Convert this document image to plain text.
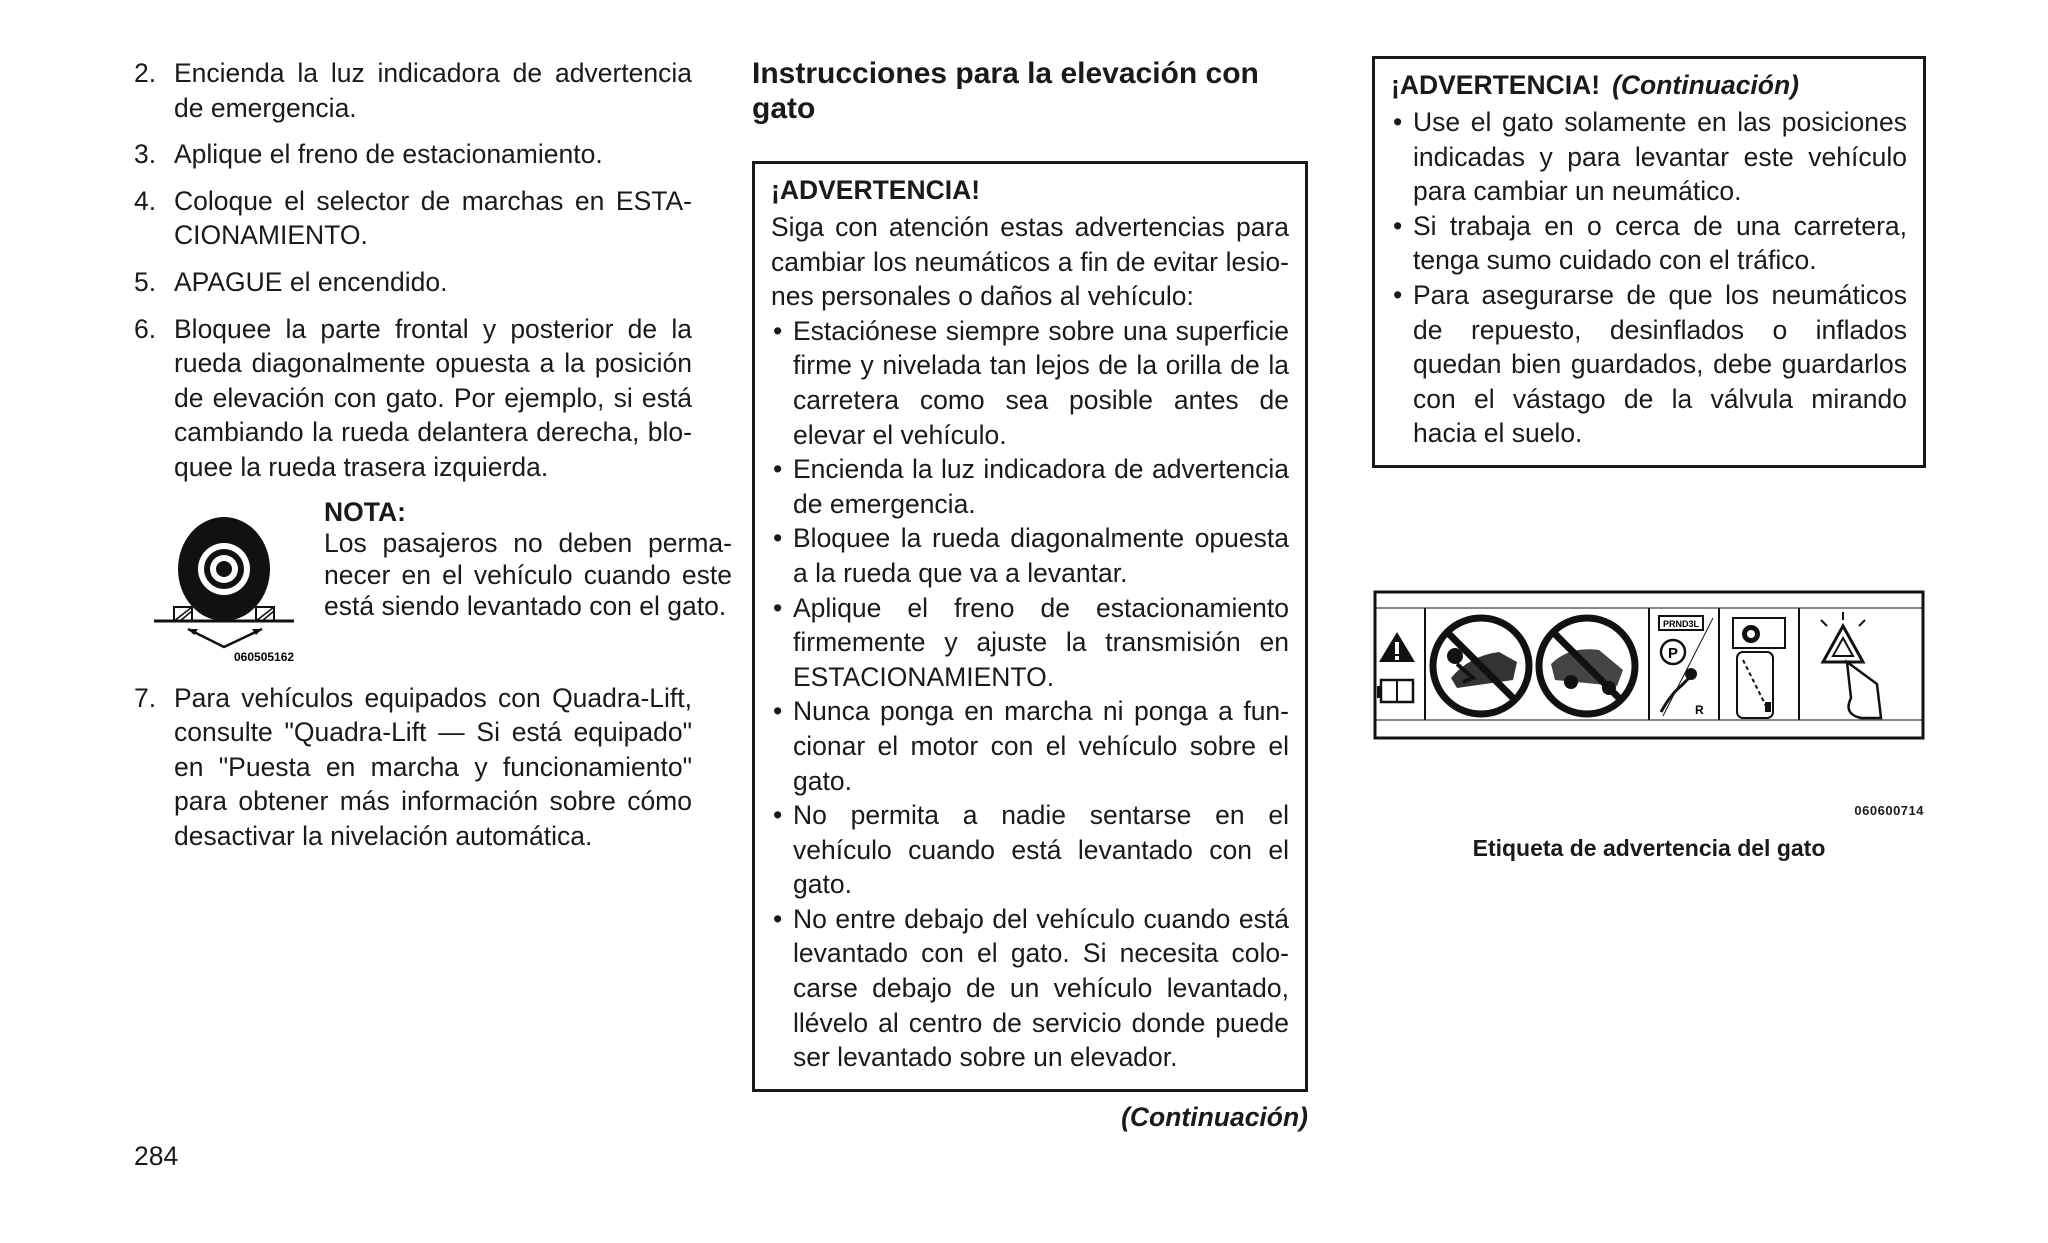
2. Encienda la luz indicadora de advertencia de emergencia.
3. Aplique el freno de estacionamiento.
4. Coloque el selector de marchas en ESTACIONAMIENTO.
5. APAGUE el encendido.
6. Bloquee la parte frontal y posterior de la rueda diagonalmente opuesta a la posición de elevación con gato. Por ejemplo, si está cambiando la rueda delantera derecha, bloquee la rueda trasera izquierda.
060505162
NOTA:
Los pasajeros no deben permanecer en el vehículo cuando este está siendo levantado con el gato.
7. Para vehículos equipados con Quadra-Lift, consulte "Quadra-Lift — Si está equipado" en "Puesta en marcha y funcionamiento" para obtener más información sobre cómo desactivar la nivelación automática.
Instrucciones para la elevación con gato
¡ADVERTENCIA!
Siga con atención estas advertencias para cambiar los neumáticos a fin de evitar lesiones personales o daños al vehículo:
• Estaciónese siempre sobre una superficie firme y nivelada tan lejos de la orilla de la carretera como sea posible antes de elevar el vehículo.
• Encienda la luz indicadora de advertencia de emergencia.
• Bloquee la rueda diagonalmente opuesta a la rueda que va a levantar.
• Aplique el freno de estacionamiento firmemente y ajuste la transmisión en ESTACIONAMIENTO.
• Nunca ponga en marcha ni ponga a funcionar el motor con el vehículo sobre el gato.
• No permita a nadie sentarse en el vehículo cuando está levantado con el gato.
• No entre debajo del vehículo cuando está levantado con el gato. Si necesita colocarse debajo de un vehículo levantado, llévelo al centro de servicio donde puede ser levantado sobre un elevador.
(Continuación)
¡ADVERTENCIA! (Continuación)
• Use el gato solamente en las posiciones indicadas y para levantar este vehículo para cambiar un neumático.
• Si trabaja en o cerca de una carretera, tenga sumo cuidado con el tráfico.
• Para asegurarse de que los neumáticos de repuesto, desinflados o inflados quedan bien guardados, debe guardarlos con el vástago de la válvula mirando hacia el suelo.
PRND3L
P
R
060600714
Etiqueta de advertencia del gato
284
